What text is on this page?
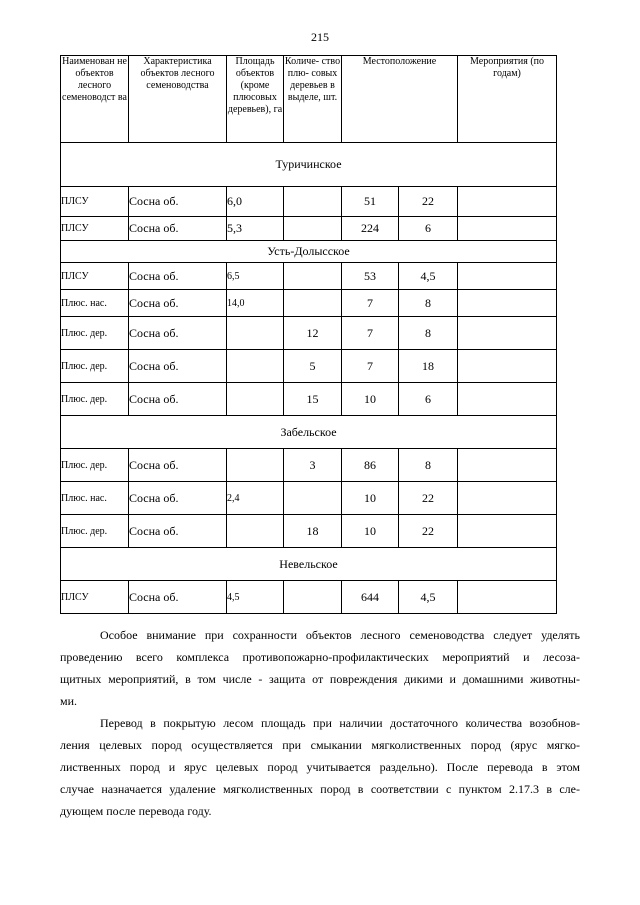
215
Наименован не объектов лесного семеноводст ва	Характеристика объектов лесного семеноводства	Площадь объектов (кроме плюсовых деревьев), га	Количе- ство плю- совых деревьев в выделе, шт.	Местоположение		Мероприятия (по годам)
Туричинское						
ПЛСУ	Сосна об.	6,0		51	22	
ПЛСУ	Сосна об.	5,3		224	6	
Усть-Долысское						
ПЛСУ	Сосна об.	6,5		53	4,5	
Плюс. нас.	Сосна об.	14,0		7	8	
Плюс. дер.	Сосна об.		12	7	8	
Плюс. дер.	Сосна об.		5	7	18	
Плюс. дер.	Сосна об.		15	10	6	
Забельское						
Плюс. дер.	Сосна об.		3	86	8	
Плюс. нас.	Сосна об.	2,4		10	22	
Плюс. дер.	Сосна об.		18	10	22	
Невельское						
ПЛСУ	Сосна об.	4,5		644	4,5	
Особое внимание при сохранности объектов лесного семеноводства следует уделять
проведению всего комплекса противопожарно-профилактических мероприятий и лесоза-
щитных мероприятий, в том числе - защита от повреждения дикими и домашними животны-
ми.
Перевод в покрытую лесом площадь при наличии достаточного количества возобнов-
ления целевых пород осуществляется при смыкании мягколиственных пород (ярус мягко-
лиственных пород и ярус целевых пород учитывается раздельно). После перевода в этом
случае назначается удаление мягколиственных пород в соответствии с пунктом 2.17.3 в сле-
дующем после перевода году.
